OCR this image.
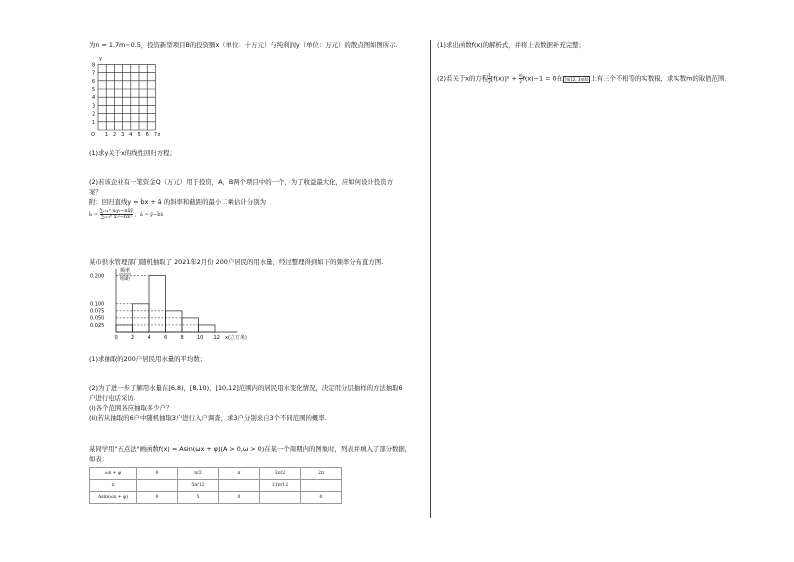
为n = 1.7m−0.5，投资新型项目B的投资额x（单位：十万元）与纯利润y（单位：万元）的散点图如图所示.
y
x
O 1 2 3 4 5 6 7
1
2
3
4
5
6
7
8
(1)求y关于x的线性回归方程；
(2)若该企业有一笔资金Q（万元）用于投资，A，B两个项目中的一个，为了收益最大化，应如何设计投资方
案？
附：回归直线y = b̂x + â 的斜率和截距的最小二乘估计分别为
b̂ = $\frac{\text{∑ᵢ₌₁ⁿ xᵢyᵢ−nx̄ȳ}}{\text{∑ᵢ₌₁ⁿ xᵢ²−nx̄²}}$ ，â = ȳ−b̂x̄
某市供水管理部门随机抽取了 2021年2月份 200户居民的用水量，经过整理得到如下的频率分布直方图.
频率
组距
0.200
0.100
0.075
0.050
0.025
0	2	4	6	8	10 12 x(立方米)
(1)求抽取的200户居民用水量的平均数；
(2)为了进一步了解用水量在[6,8)，[8,10)，[10,12]范围内的居民用水变化情况，决定用分层抽样的方法抽取6
户进行电话采访.
(i)各个范围各应抽取多少户？
(ii)若从抽取的6户中随机抽取3户进行入户调查，求3户分别来自3个不同范围的概率.
某同学用"五点法"画函数f(x) = Asin(ωx + φ)(A > 0,ω > 0)在某一个周期内的图象时，列表并填入了部分数据，
如表：
ωx + φ	0	π/2	π	3π/2	2π
x		5π/12		11π/12	
Asin(ωx + φ)	0	5	0		0
(1)求出函数f(x)的解析式，并将上表数据补充完整；
(2)若关于x的方程 $\frac{1}{2} [f(x)]^2 + \frac{m}{2} f(x)-1 = 0$在 [π/12, 3π/4] 上有三个不相等的实数根，求实数m的取值范围.
